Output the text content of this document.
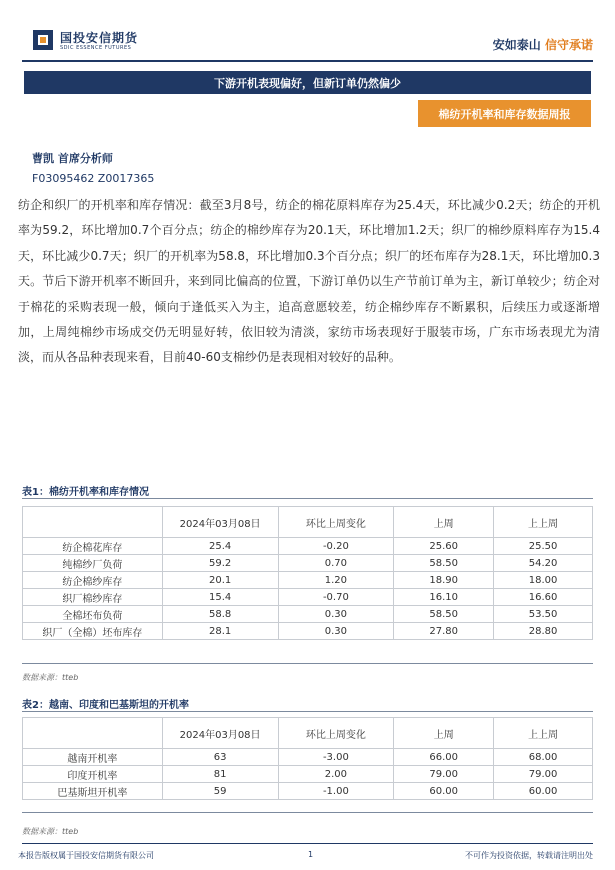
国投安信期货
SDIC ESSENCE FUTURES	安如泰山 信守承诺
下游开机表现偏好，但新订单仍然偏少
棉纺开机率和库存数据周报
曹凯 首席分析师
F03095462 Z0017365

纺企和织厂的开机率和库存情况：截至3月8号，纺企的棉花原料库存为25.4天，环比减少0.2天；纺企的开机率为59.2，环比增加0.7个百分点；纺企的棉纱库存为20.1天，环比增加1.2天；织厂的棉纱原料库存为15.4天，环比减少0.7天；织厂的开机率为58.8，环比增加0.3个百分点；织厂的坯布库存为28.1天，环比增加0.3天。节后下游开机率不断回升，来到同比偏高的位置，下游订单仍以生产节前订单为主，新订单较少；纺企对于棉花的采购表现一般，倾向于逢低买入为主，追高意愿较差，纺企棉纱库存不断累积，后续压力或逐渐增加，上周纯棉纱市场成交仍无明显好转，依旧较为清淡，家纺市场表现好于服装市场，广东市场表现尤为清淡，而从各品种表现来看，目前40-60支棉纱仍是表现相对较好的品种。

表1：棉纺开机率和库存情况
	2024年03月08日	环比上周变化	上周	上上周
纺企棉花库存	25.4	-0.20	25.60	25.50
纯棉纱厂负荷	59.2	0.70	58.50	54.20
纺企棉纱库存	20.1	1.20	18.90	18.00
织厂棉纱库存	15.4	-0.70	16.10	16.60
全棉坯布负荷	58.8	0.30	58.50	53.50
织厂（全棉）坯布库存	28.1	0.30	27.80	28.80
数据来源：tteb
表2：越南、印度和巴基斯坦的开机率
	2024年03月08日	环比上周变化	上周	上上周
越南开机率	63	-3.00	66.00	68.00
印度开机率	81	2.00	79.00	79.00
巴基斯坦开机率	59	-1.00	60.00	60.00
数据来源：tteb
本报告版权属于国投安信期货有限公司	1	不可作为投资依据，转载请注明出处
